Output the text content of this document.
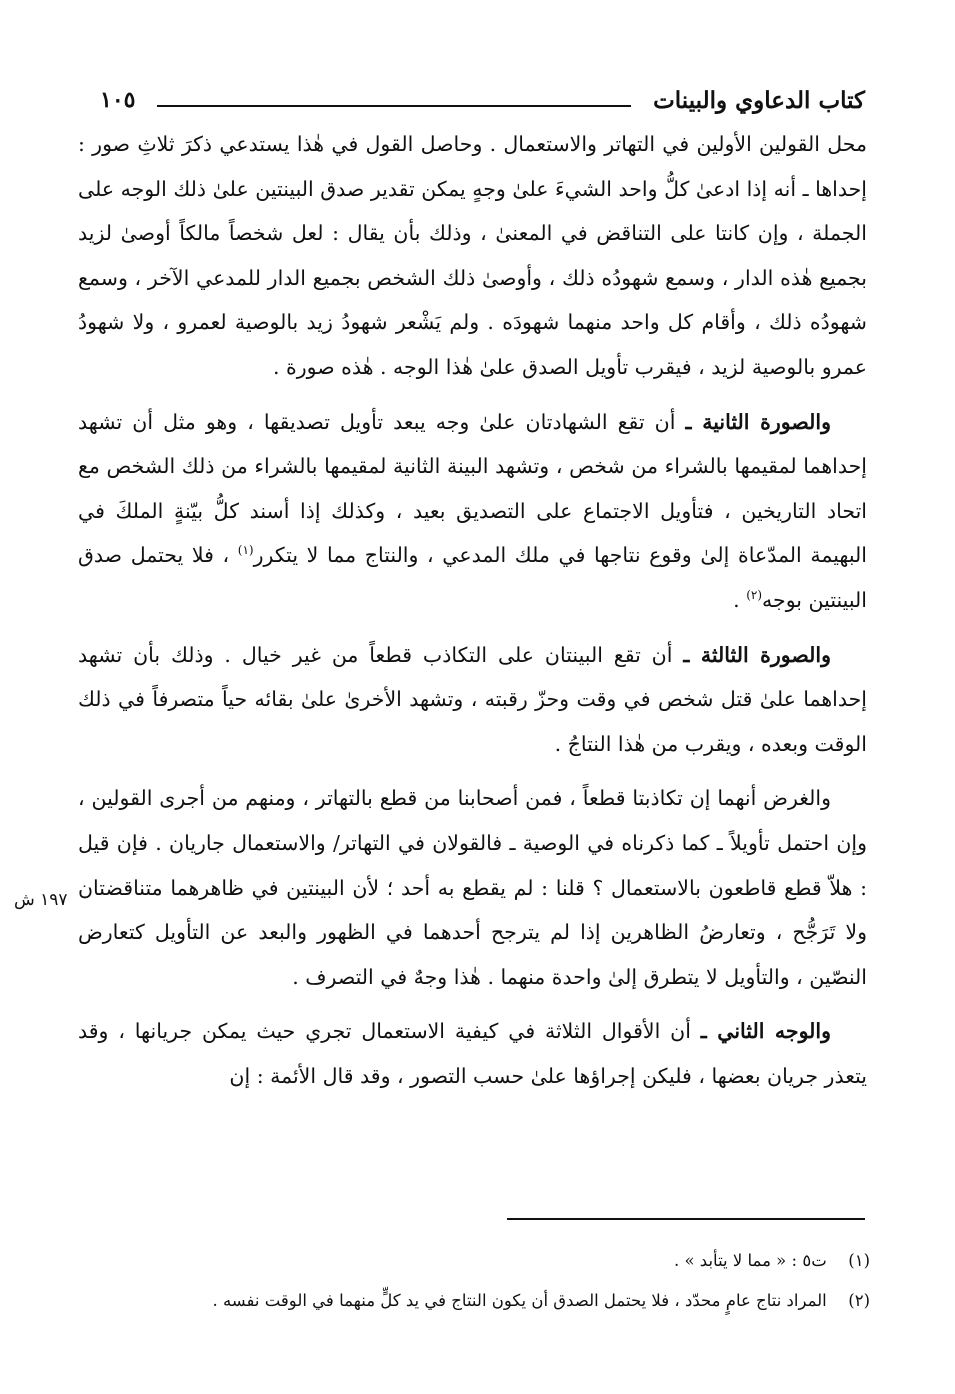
كتاب الدعاوي والبينات
١٠٥

محل القولين الأولين في التهاتر والاستعمال . وحاصل القول في هٰذا يستدعي ذكرَ ثلاثِ صور : إحداها ـ أنه إذا ادعىٰ كلُّ واحد الشيءَ علىٰ وجهٍ يمكن تقدير صدق البينتين علىٰ ذلك الوجه على الجملة ، وإن كانتا على التناقض في المعنىٰ ، وذلك بأن يقال : لعل شخصاً مالكاً أوصىٰ لزيد بجميع هٰذه الدار ، وسمع شهودُه ذلك ، وأوصىٰ ذلك الشخص بجميع الدار للمدعي الآخر ، وسمع شهودُه ذلك ، وأقام كل واحد منهما شهودَه . ولم يَشْعر شهودُ زيد بالوصية لعمرو ، ولا شهودُ عمرو بالوصية لزيد ، فيقرب تأويل الصدق علىٰ هٰذا الوجه . هٰذه صورة .

والصورة الثانية ـ أن تقع الشهادتان علىٰ وجه يبعد تأويل تصديقها ، وهو مثل أن تشهد إحداهما لمقيمها بالشراء من شخص ، وتشهد البينة الثانية لمقيمها بالشراء من ذلك الشخص مع اتحاد التاريخين ، فتأويل الاجتماع على التصديق بعيد ، وكذلك إذا أسند كلُّ بيّنةٍ الملكَ في البهيمة المدّعاة إلىٰ وقوع نتاجها في ملك المدعي ، والنتاج مما لا يتكرر$^{(١)}$ ، فلا يحتمل صدق البينتين بوجه$^{(٢)}$ .

والصورة الثالثة ـ أن تقع البينتان على التكاذب قطعاً من غير خيال . وذلك بأن تشهد إحداهما علىٰ قتل شخص في وقت وحزّ رقبته ، وتشهد الأخرىٰ علىٰ بقائه حياً متصرفاً في ذلك الوقت وبعده ، ويقرب من هٰذا النتاجُ .

والغرض أنهما إن تكاذبتا قطعاً ، فمن أصحابنا من قطع بالتهاتر ، ومنهم من أجرى القولين ، وإن احتمل تأويلاً ـ كما ذكرناه في الوصية ـ فالقولان في التهاتر/ والاستعمال جاريان . فإن قيل : هلاّ قطع قاطعون بالاستعمال ؟ قلنا : لم يقطع به أحد ؛ لأن البينتين في ظاهرهما متناقضتان ولا تَرَجُّح ، وتعارضُ الظاهرين إذا لم يترجح أحدهما في الظهور والبعد عن التأويل كتعارض النصّين ، والتأويل لا يتطرق إلىٰ واحدة منهما . هٰذا وجهٌ في التصرف .

والوجه الثاني ـ أن الأقوال الثلاثة في كيفية الاستعمال تجري حيث يمكن جريانها ، وقد يتعذر جريان بعضها ، فليكن إجراؤها علىٰ حسب التصور ، وقد قال الأئمة : إن

١٩٧ ش

(١) ت٥ : « مما لا يتأبد » .

(٢) المراد نتاج عامٍ محدّد ، فلا يحتمل الصدق أن يكون النتاج في يد كلٍّ منهما في الوقت نفسه .
